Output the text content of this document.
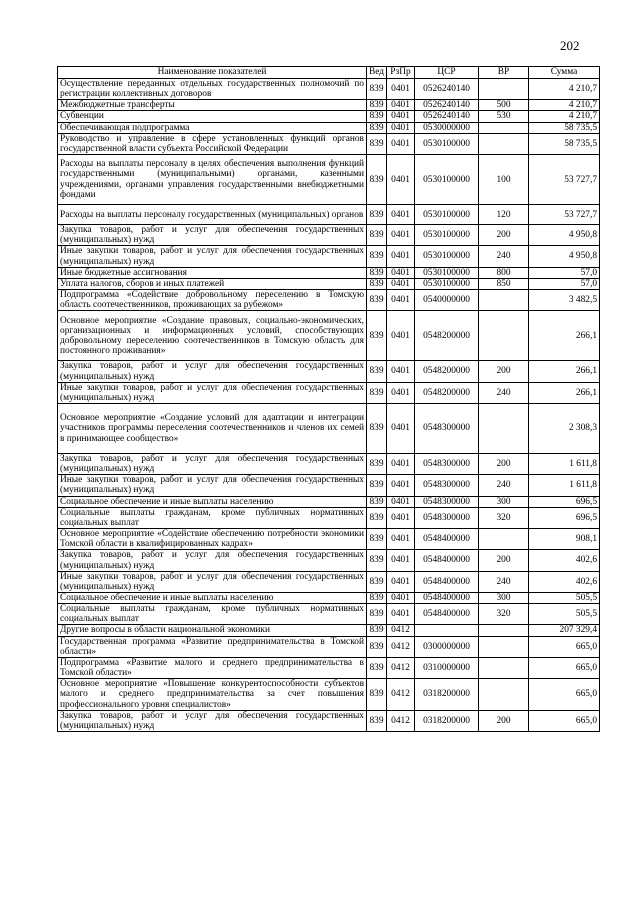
202
Наименование показателей	Вед	РзПр	ЦСР	ВР	Сумма
Осуществление переданных отдельных государственных полномочий по регистрации коллективных договоров	839	0401	0526240140		4 210,7
Межбюджетные трансферты	839	0401	0526240140	500	4 210,7
Субвенции	839	0401	0526240140	530	4 210,7
Обеспечивающая подпрограмма	839	0401	0530000000		58 735,5
Руководство и управление в сфере установленных функций органов государственной власти субъекта Российской Федерации	839	0401	0530100000		58 735,5
Расходы на выплаты персоналу в целях обеспечения выполнения функций государственными (муниципальными) органами, казенными учреждениями, органами управления государственными внебюджетными фондами	839	0401	0530100000	100	53 727,7
Расходы на выплаты персоналу государственных (муниципальных) органов	839	0401	0530100000	120	53 727,7
Закупка товаров, работ и услуг для обеспечения государственных (муниципальных) нужд	839	0401	0530100000	200	4 950,8
Иные закупки товаров, работ и услуг для обеспечения государственных (муниципальных) нужд	839	0401	0530100000	240	4 950,8
Иные бюджетные ассигнования	839	0401	0530100000	800	57,0
Уплата налогов, сборов и иных платежей	839	0401	0530100000	850	57,0
Подпрограмма «Содействие добровольному переселению в Томскую область соотечественников, проживающих за рубежом»	839	0401	0540000000		3 482,5
Основное мероприятие «Создание правовых, социально-экономических, организационных и информационных условий, способствующих добровольному переселению соотечественников в Томскую область для постоянного проживания»	839	0401	0548200000		266,1
Закупка товаров, работ и услуг для обеспечения государственных (муниципальных) нужд	839	0401	0548200000	200	266,1
Иные закупки товаров, работ и услуг для обеспечения государственных (муниципальных) нужд	839	0401	0548200000	240	266,1
Основное мероприятие «Создание условий для адаптации и интеграции участников программы переселения соотечественников и членов их семей в принимающее сообщество»	839	0401	0548300000		2 308,3
Закупка товаров, работ и услуг для обеспечения государственных (муниципальных) нужд	839	0401	0548300000	200	1 611,8
Иные закупки товаров, работ и услуг для обеспечения государственных (муниципальных) нужд	839	0401	0548300000	240	1 611,8
Социальное обеспечение и иные выплаты населению	839	0401	0548300000	300	696,5
Социальные выплаты гражданам, кроме публичных нормативных социальных выплат	839	0401	0548300000	320	696,5
Основное мероприятие «Содействие обеспечению потребности экономики Томской области в квалифицированных кадрах»	839	0401	0548400000		908,1
Закупка товаров, работ и услуг для обеспечения государственных (муниципальных) нужд	839	0401	0548400000	200	402,6
Иные закупки товаров, работ и услуг для обеспечения государственных (муниципальных) нужд	839	0401	0548400000	240	402,6
Социальное обеспечение и иные выплаты населению	839	0401	0548400000	300	505,5
Социальные выплаты гражданам, кроме публичных нормативных социальных выплат	839	0401	0548400000	320	505,5
Другие вопросы в области национальной экономики	839	0412			207 329,4
Государственная программа «Развитие предпринимательства в Томской области»	839	0412	0300000000		665,0
Подпрограмма «Развитие малого и среднего предпринимательства в Томской области»	839	0412	0310000000		665,0
Основное мероприятие «Повышение конкурентоспособности субъектов малого и среднего предпринимательства за счет повышения профессионального уровня специалистов»	839	0412	0318200000		665,0
Закупка товаров, работ и услуг для обеспечения государственных (муниципальных) нужд	839	0412	0318200000	200	665,0
